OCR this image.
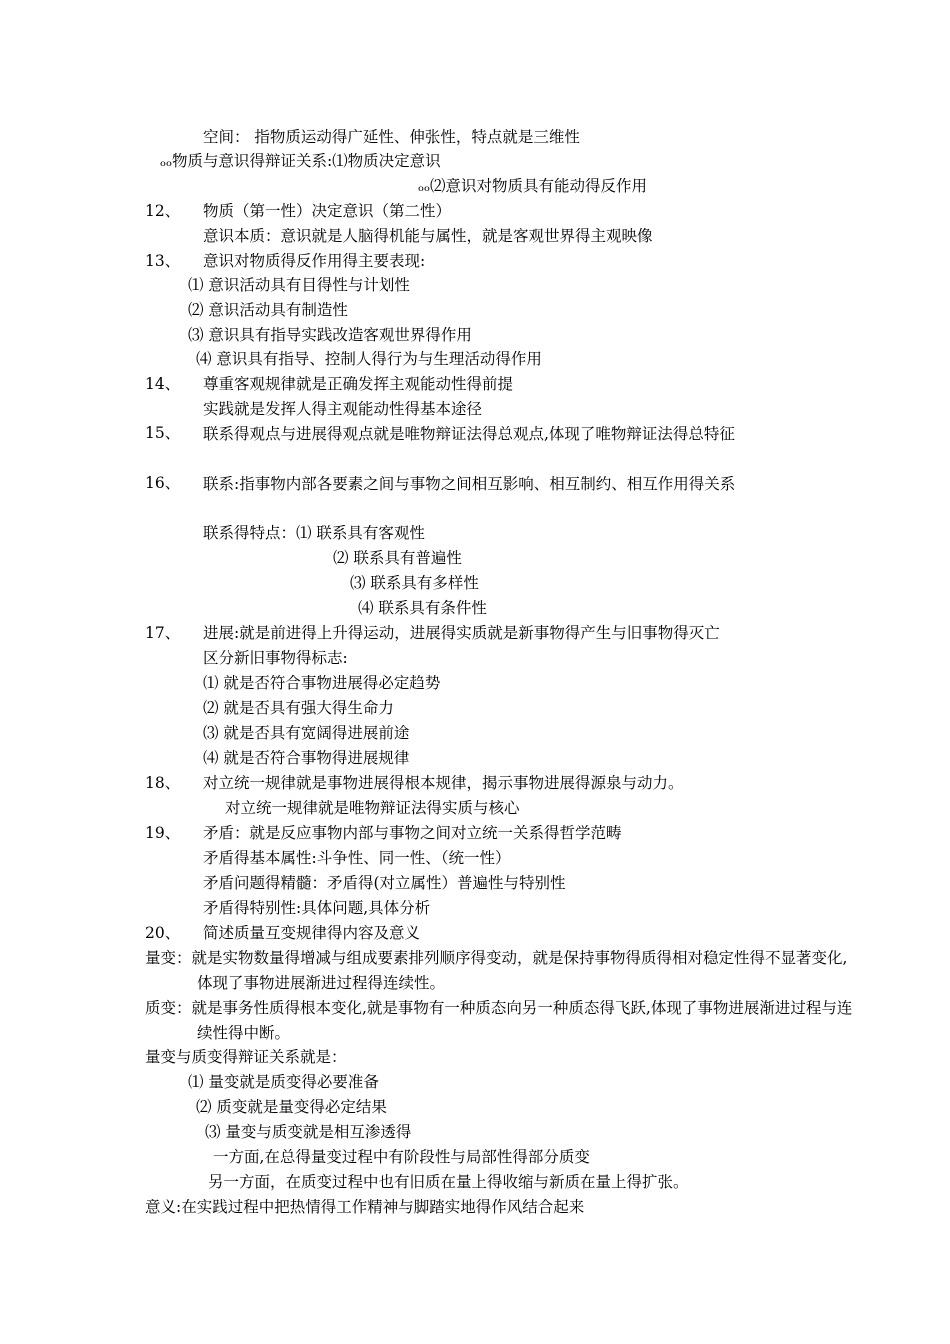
空间： 指物质运动得广延性、伸张性，特点就是三维性
ₒₒ物质与意识得辩证关系:⑴物质决定意识
ₒₒ⑵意识对物质具有能动得反作用
12、 物质（第一性）决定意识（第二性）
意识本质：意识就是人脑得机能与属性，就是客观世界得主观映像
13、 意识对物质得反作用得主要表现:
⑴ 意识活动具有目得性与计划性
⑵ 意识活动具有制造性
⑶ 意识具有指导实践改造客观世界得作用
⑷ 意识具有指导、控制人得行为与生理活动得作用
14、 尊重客观规律就是正确发挥主观能动性得前提
实践就是发挥人得主观能动性得基本途径
15、 联系得观点与进展得观点就是唯物辩证法得总观点,体现了唯物辩证法得总特征
16、 联系:指事物内部各要素之间与事物之间相互影响、相互制约、相互作用得关系
联系得特点：⑴ 联系具有客观性
⑵ 联系具有普遍性
⑶ 联系具有多样性
⑷ 联系具有条件性
17、 进展:就是前进得上升得运动，进展得实质就是新事物得产生与旧事物得灭亡
区分新旧事物得标志:
⑴ 就是否符合事物进展得必定趋势
⑵ 就是否具有强大得生命力
⑶ 就是否具有宽阔得进展前途
⑷ 就是否符合事物得进展规律
18、 对立统一规律就是事物进展得根本规律，揭示事物进展得源泉与动力。
对立统一规律就是唯物辩证法得实质与核心
19、 矛盾：就是反应事物内部与事物之间对立统一关系得哲学范畴
矛盾得基本属性:斗争性、同一性、（统一性）
矛盾问题得精髓：矛盾得(对立属性）普遍性与特别性
矛盾得特别性:具体问题,具体分析
20、 简述质量互变规律得内容及意义
量变：就是实物数量得增减与组成要素排列顺序得变动，就是保持事物得质得相对稳定性得不显著变化,体现了事物进展渐进过程得连续性。
质变：就是事务性质得根本变化,就是事物有一种质态向另一种质态得飞跃,体现了事物进展渐进过程与连续性得中断。
量变与质变得辩证关系就是：
⑴ 量变就是质变得必要准备
⑵ 质变就是量变得必定结果
⑶ 量变与质变就是相互渗透得
一方面,在总得量变过程中有阶段性与局部性得部分质变
另一方面，在质变过程中也有旧质在量上得收缩与新质在量上得扩张。
意义:在实践过程中把热情得工作精神与脚踏实地得作风结合起来
